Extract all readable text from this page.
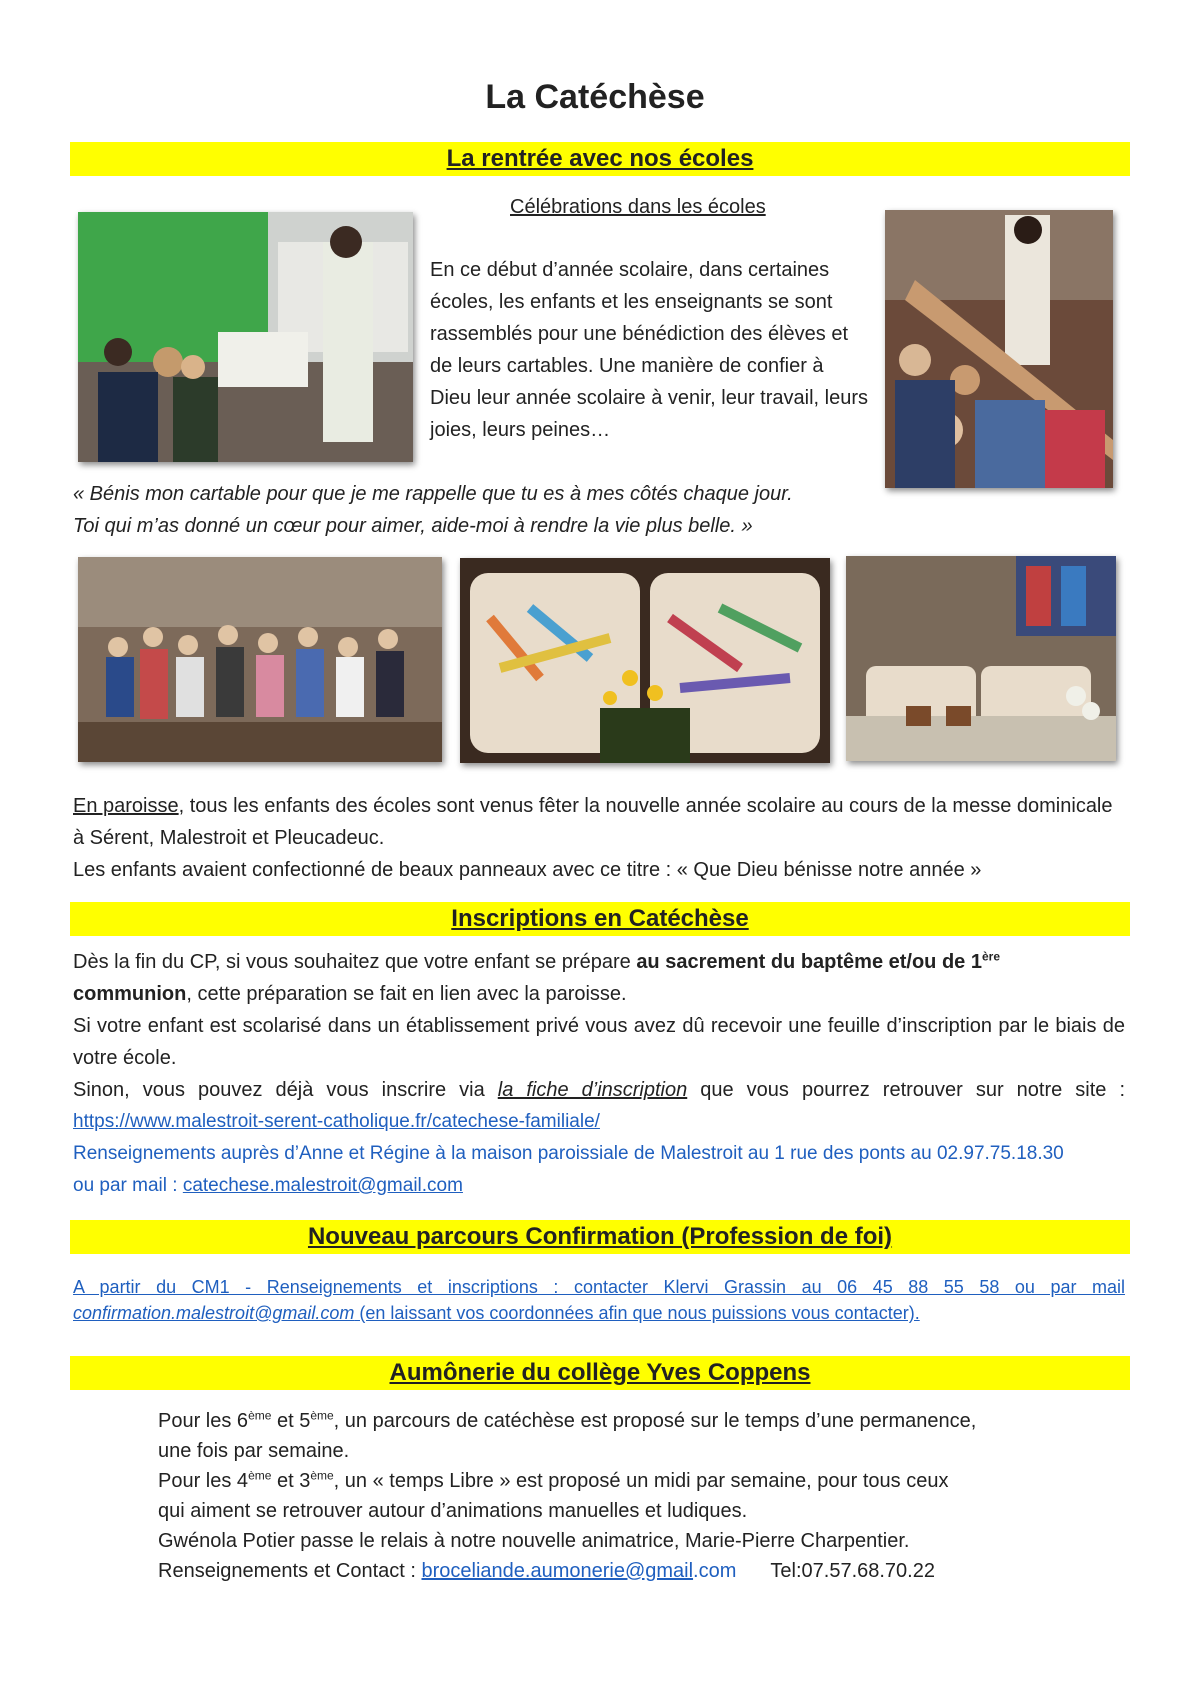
La Catéchèse
La rentrée avec nos écoles
Célébrations dans les écoles
En ce début d’année scolaire, dans certaines écoles, les enfants et les enseignants se sont rassemblés pour une bénédiction des élèves et de leurs cartables. Une manière de confier à Dieu leur année scolaire à venir, leur travail, leurs joies, leurs peines…
« Bénis mon cartable pour que je me rappelle que tu es à mes côtés chaque jour.
Toi qui m’as donné un cœur pour aimer, aide-moi à rendre la vie plus belle. »
En paroisse, tous les enfants des écoles sont venus fêter la nouvelle année scolaire au cours de la messe dominicale à Sérent, Malestroit et Pleucadeuc.
Les enfants avaient confectionné de beaux panneaux avec ce titre : « Que Dieu bénisse notre année »
Inscriptions en Catéchèse
Dès la fin du CP, si vous souhaitez que votre enfant se prépare au sacrement du baptême et/ou de 1ère
communion, cette préparation se fait en lien avec la paroisse.
Si votre enfant est scolarisé dans un établissement privé vous avez dû recevoir une feuille d’inscription par le biais de votre école.
Sinon, vous pouvez déjà vous inscrire via la fiche d’inscription que vous pourrez retrouver sur notre site :
https://www.malestroit-serent-catholique.fr/catechese-familiale/
Renseignements auprès d’Anne et Régine à la maison paroissiale de Malestroit au 1 rue des ponts au 02.97.75.18.30
ou par mail : catechese.malestroit@gmail.com
Nouveau parcours Confirmation (Profession de foi)
A partir du CM1 - Renseignements et inscriptions : contacter Klervi Grassin au 06 45 88 55 58 ou par mail
confirmation.malestroit@gmail.com (en laissant vos coordonnées afin que nous puissions vous contacter).
Aumônerie du collège Yves Coppens

Pour les 6ème et 5ème, un parcours de catéchèse est proposé sur le temps d’une permanence,

une fois par semaine.

Pour les 4ème et 3ème, un « temps Libre » est proposé un midi par semaine, pour tous ceux

qui aiment se retrouver autour d’animations manuelles et ludiques.

Gwénola Potier passe le relais à notre nouvelle animatrice, Marie-Pierre Charpentier.

Renseignements et Contact : broceliande.aumonerie@gmail.com Tel:07.57.68.70.22
